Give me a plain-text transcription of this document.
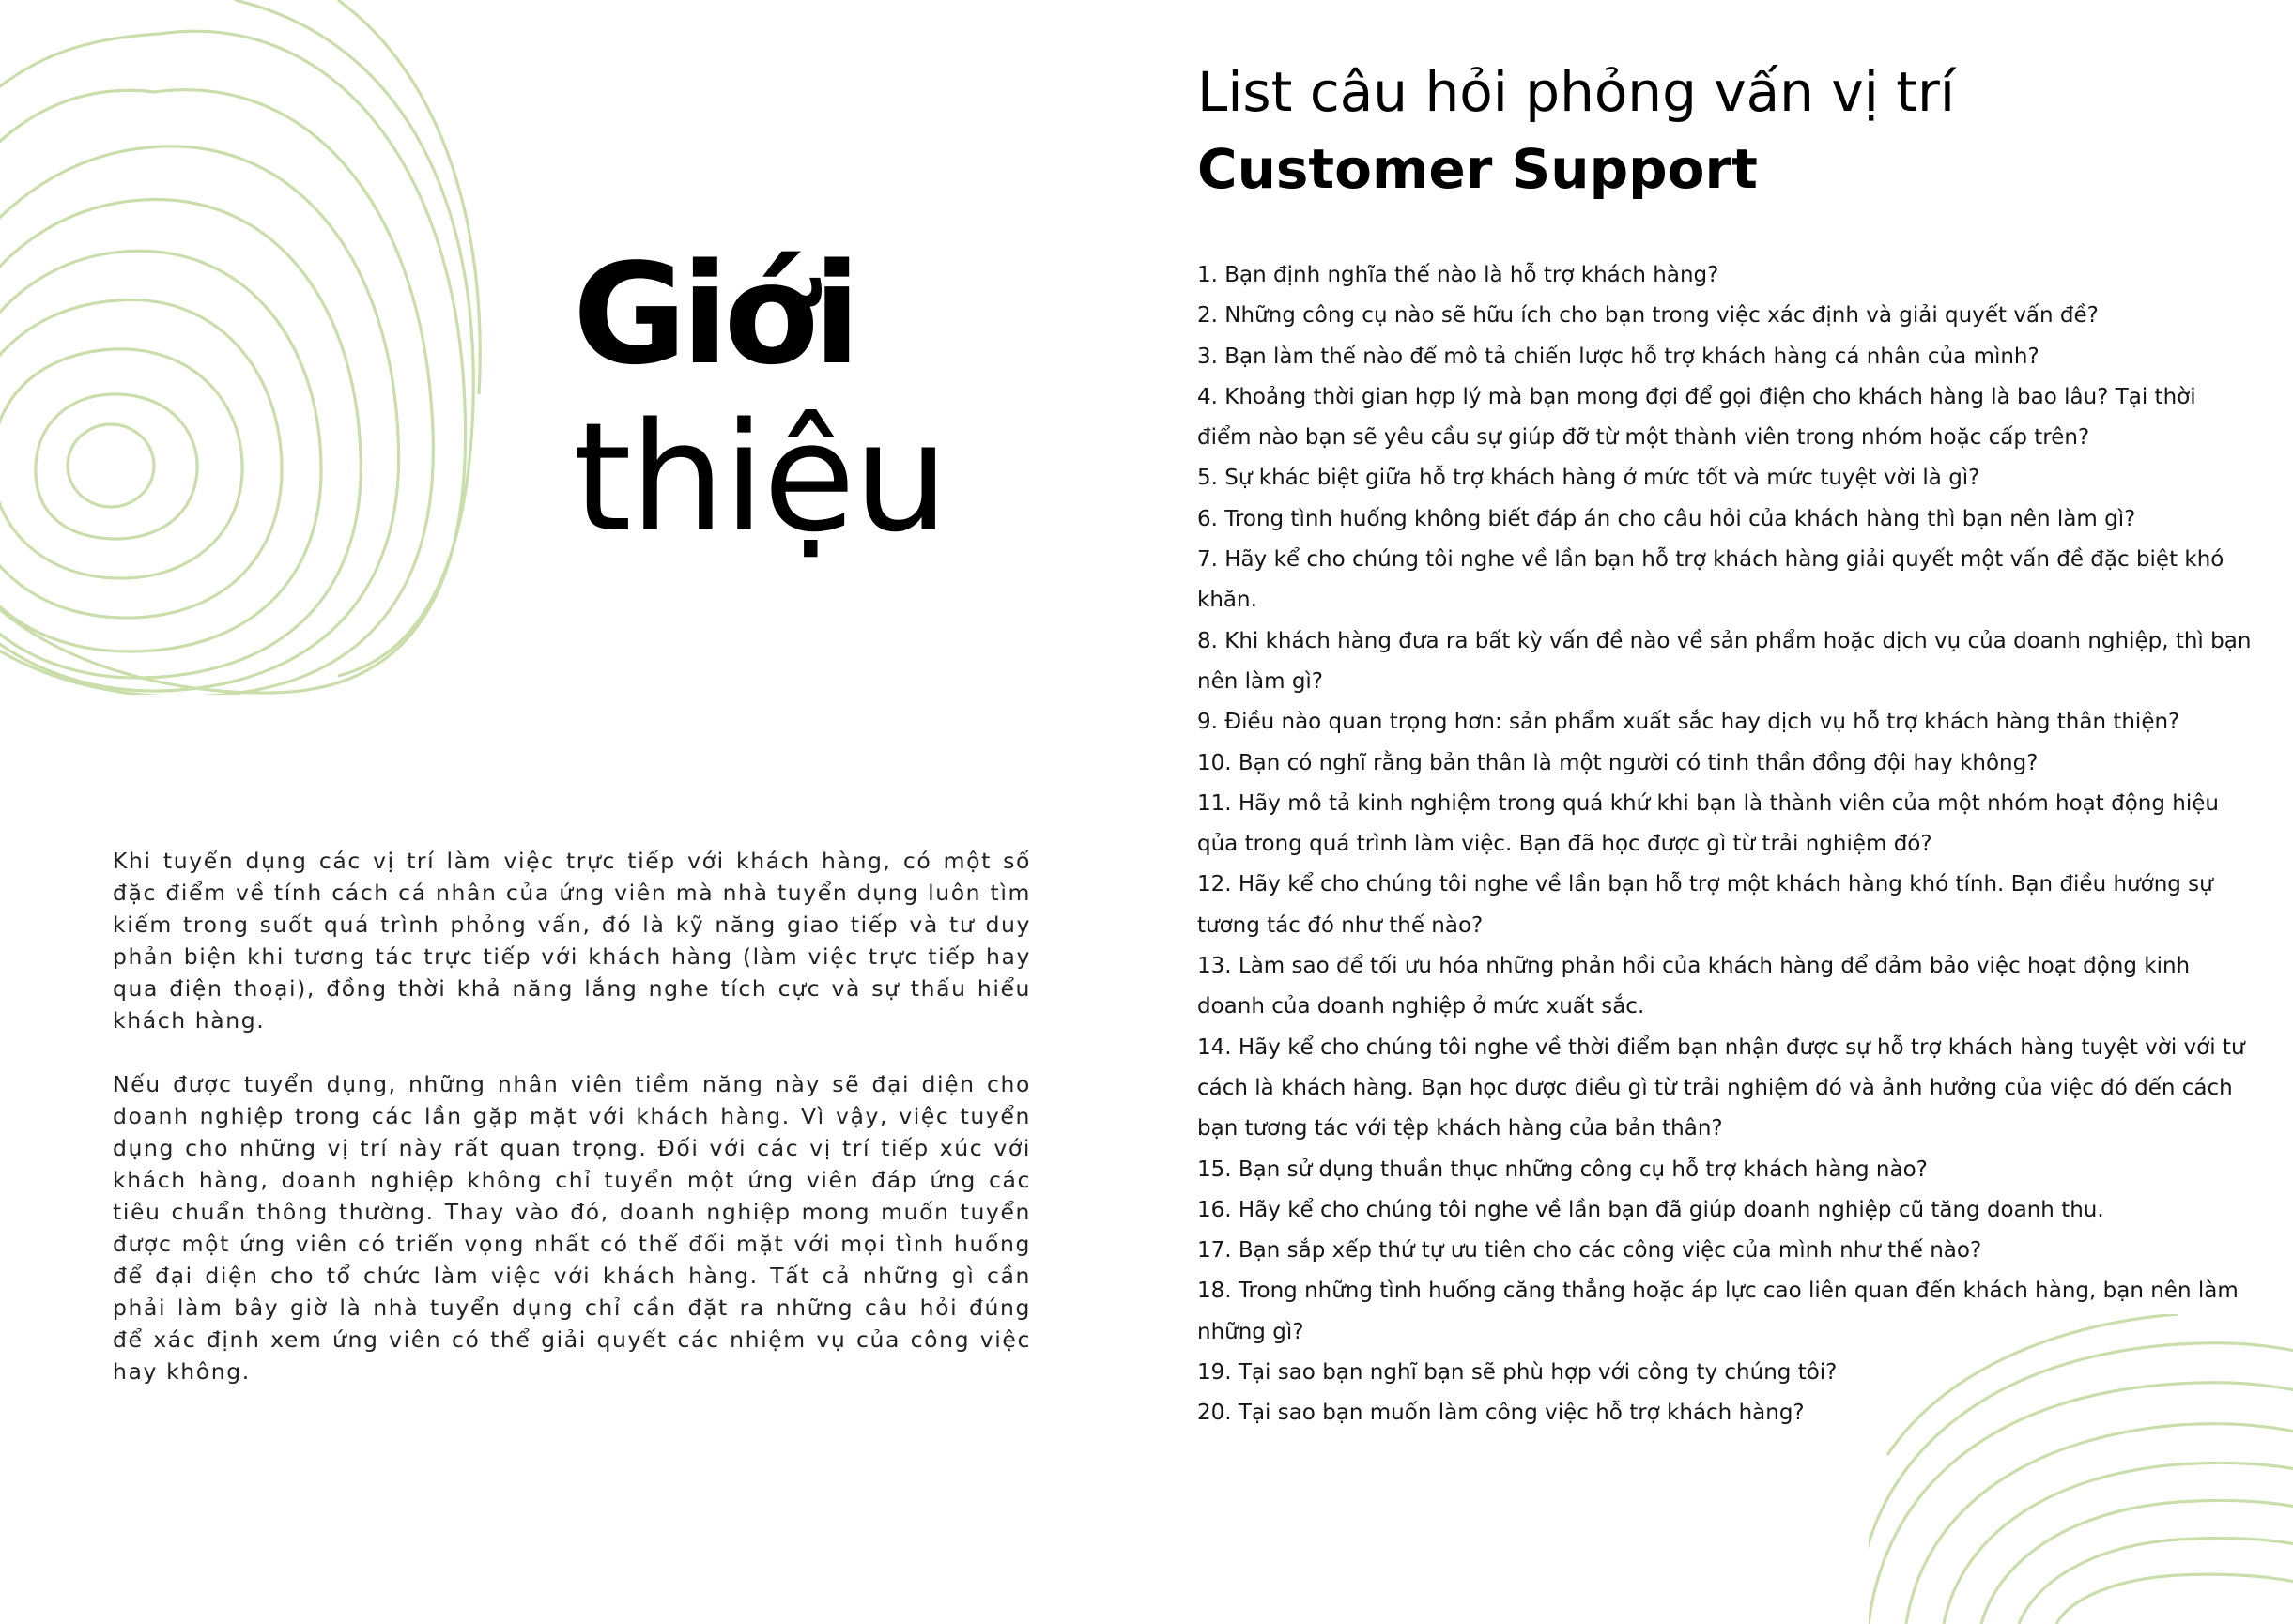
Giới
thiệu

Khi tuyển dụng các vị trí làm việc trực tiếp với khách hàng, có một số đặc điểm về tính cách cá nhân của ứng viên mà nhà tuyển dụng luôn tìm kiếm trong suốt quá trình phỏng vấn, đó là kỹ năng giao tiếp và tư duy phản biện khi tương tác trực tiếp với khách hàng (làm việc trực tiếp hay qua điện thoại), đồng thời khả năng lắng nghe tích cực và sự thấu hiểu khách hàng.

Nếu được tuyển dụng, những nhân viên tiềm năng này sẽ đại diện cho doanh nghiệp trong các lần gặp mặt với khách hàng. Vì vậy, việc tuyển dụng cho những vị trí này rất quan trọng. Đối với các vị trí tiếp xúc với khách hàng, doanh nghiệp không chỉ tuyển một ứng viên đáp ứng các tiêu chuẩn thông thường. Thay vào đó, doanh nghiệp mong muốn tuyển được một ứng viên có triển vọng nhất có thể đối mặt với mọi tình huống để đại diện cho tổ chức làm việc với khách hàng. Tất cả những gì cần phải làm bây giờ là nhà tuyển dụng chỉ cần đặt ra những câu hỏi đúng để xác định xem ứng viên có thể giải quyết các nhiệm vụ của công việc hay không.

List câu hỏi phỏng vấn vị trí
Customer Support
1. Bạn định nghĩa thế nào là hỗ trợ khách hàng?
2. Những công cụ nào sẽ hữu ích cho bạn trong việc xác định và giải quyết vấn đề?
3. Bạn làm thế nào để mô tả chiến lược hỗ trợ khách hàng cá nhân của mình?
4. Khoảng thời gian hợp lý mà bạn mong đợi để gọi điện cho khách hàng là bao lâu? Tại thời điểm nào bạn sẽ yêu cầu sự giúp đỡ từ một thành viên trong nhóm hoặc cấp trên?
5. Sự khác biệt giữa hỗ trợ khách hàng ở mức tốt và mức tuyệt vời là gì?
6. Trong tình huống không biết đáp án cho câu hỏi của khách hàng thì bạn nên làm gì?
7. Hãy kể cho chúng tôi nghe về lần bạn hỗ trợ khách hàng giải quyết một vấn đề đặc biệt khó khăn.
8. Khi khách hàng đưa ra bất kỳ vấn đề nào về sản phẩm hoặc dịch vụ của doanh nghiệp, thì bạn nên làm gì?
9. Điều nào quan trọng hơn: sản phẩm xuất sắc hay dịch vụ hỗ trợ khách hàng thân thiện?
10. Bạn có nghĩ rằng bản thân là một người có tinh thần đồng đội hay không?
11. Hãy mô tả kinh nghiệm trong quá khứ khi bạn là thành viên của một nhóm hoạt động hiệu qủa trong quá trình làm việc. Bạn đã học được gì từ trải nghiệm đó?
12. Hãy kể cho chúng tôi nghe về lần bạn hỗ trợ một khách hàng khó tính. Bạn điều hướng sự tương tác đó như thế nào?
13. Làm sao để tối ưu hóa những phản hồi của khách hàng để đảm bảo việc hoạt động kinh doanh của doanh nghiệp ở mức xuất sắc.
14. Hãy kể cho chúng tôi nghe về thời điểm bạn nhận được sự hỗ trợ khách hàng tuyệt vời với tư cách là khách hàng. Bạn học được điều gì từ trải nghiệm đó và ảnh hưởng của việc đó đến cách bạn tương tác với tệp khách hàng của bản thân?
15. Bạn sử dụng thuần thục những công cụ hỗ trợ khách hàng nào?
16. Hãy kể cho chúng tôi nghe về lần bạn đã giúp doanh nghiệp cũ tăng doanh thu.
17. Bạn sắp xếp thứ tự ưu tiên cho các công việc của mình như thế nào?
18. Trong những tình huống căng thẳng hoặc áp lực cao liên quan đến khách hàng, bạn nên làm những gì?
19. Tại sao bạn nghĩ bạn sẽ phù hợp với công ty chúng tôi?
20. Tại sao bạn muốn làm công việc hỗ trợ khách hàng?
